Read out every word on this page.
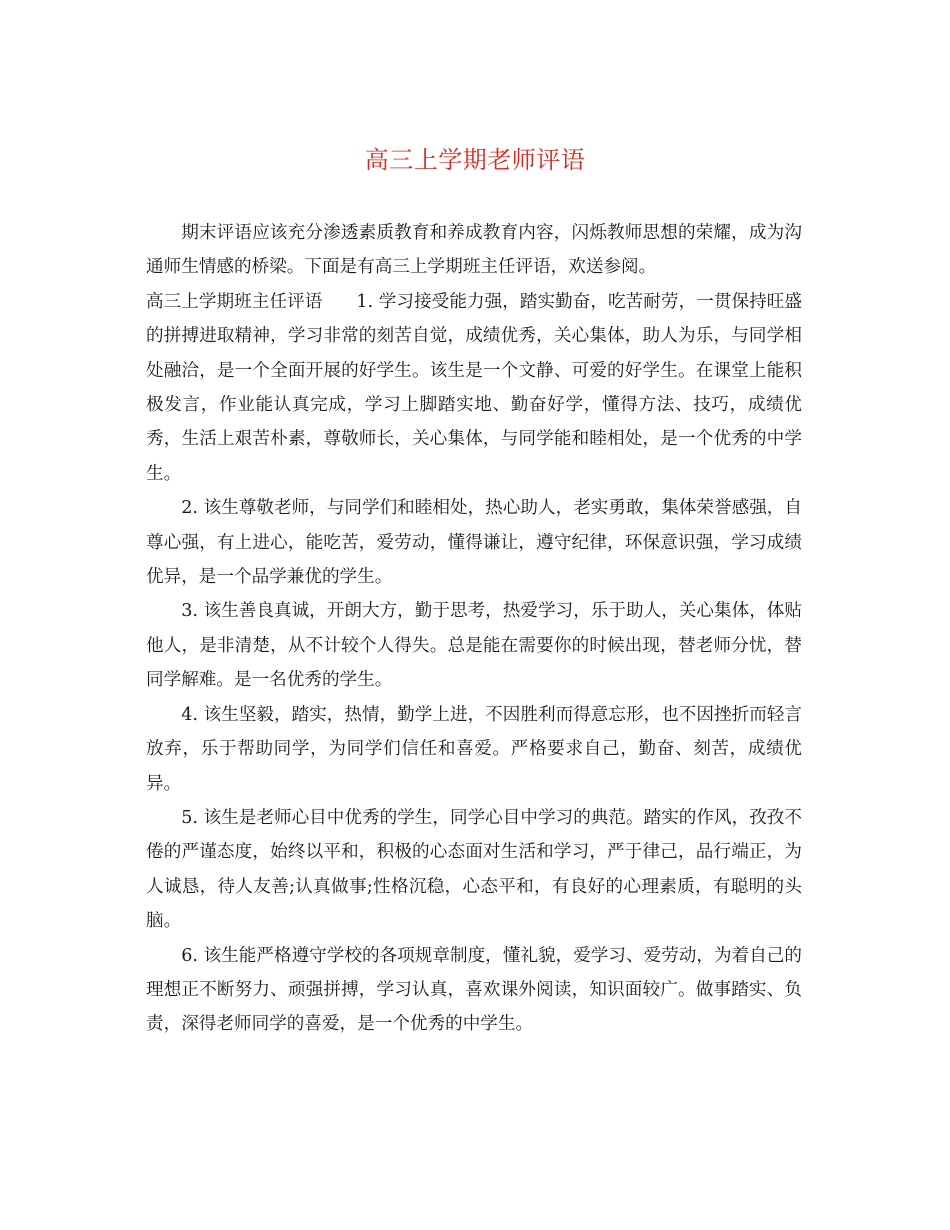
高三上学期老师评语

期末评语应该充分渗透素质教育和养成教育内容，闪烁教师思想的荣耀，成为沟通师生情感的桥梁。下面是有高三上学期班主任评语，欢送参阅。

高三上学期班主任评语 1. 学习接受能力强，踏实勤奋，吃苦耐劳，一贯保持旺盛的拼搏进取精神，学习非常的刻苦自觉，成绩优秀，关心集体，助人为乐，与同学相处融洽，是一个全面开展的好学生。该生是一个文静、可爱的好学生。在课堂上能积极发言，作业能认真完成，学习上脚踏实地、勤奋好学，懂得方法、技巧，成绩优秀，生活上艰苦朴素，尊敬师长，关心集体，与同学能和睦相处，是一个优秀的中学生。

2. 该生尊敬老师，与同学们和睦相处，热心助人，老实勇敢，集体荣誉感强，自尊心强，有上进心，能吃苦，爱劳动，懂得谦让，遵守纪律，环保意识强，学习成绩优异，是一个品学兼优的学生。

3. 该生善良真诚，开朗大方，勤于思考，热爱学习，乐于助人，关心集体，体贴他人，是非清楚，从不计较个人得失。总是能在需要你的时候出现，替老师分忧，替同学解难。是一名优秀的学生。

4. 该生坚毅，踏实，热情，勤学上进，不因胜利而得意忘形，也不因挫折而轻言放弃，乐于帮助同学，为同学们信任和喜爱。严格要求自己，勤奋、刻苦，成绩优异。

5. 该生是老师心目中优秀的学生，同学心目中学习的典范。踏实的作风，孜孜不倦的严谨态度，始终以平和，积极的心态面对生活和学习，严于律己，品行端正，为人诚恳，待人友善;认真做事;性格沉稳，心态平和，有良好的心理素质，有聪明的头脑。

6. 该生能严格遵守学校的各项规章制度，懂礼貌，爱学习、爱劳动，为着自己的理想正不断努力、顽强拼搏，学习认真，喜欢课外阅读，知识面较广。做事踏实、负责，深得老师同学的喜爱，是一个优秀的中学生。
